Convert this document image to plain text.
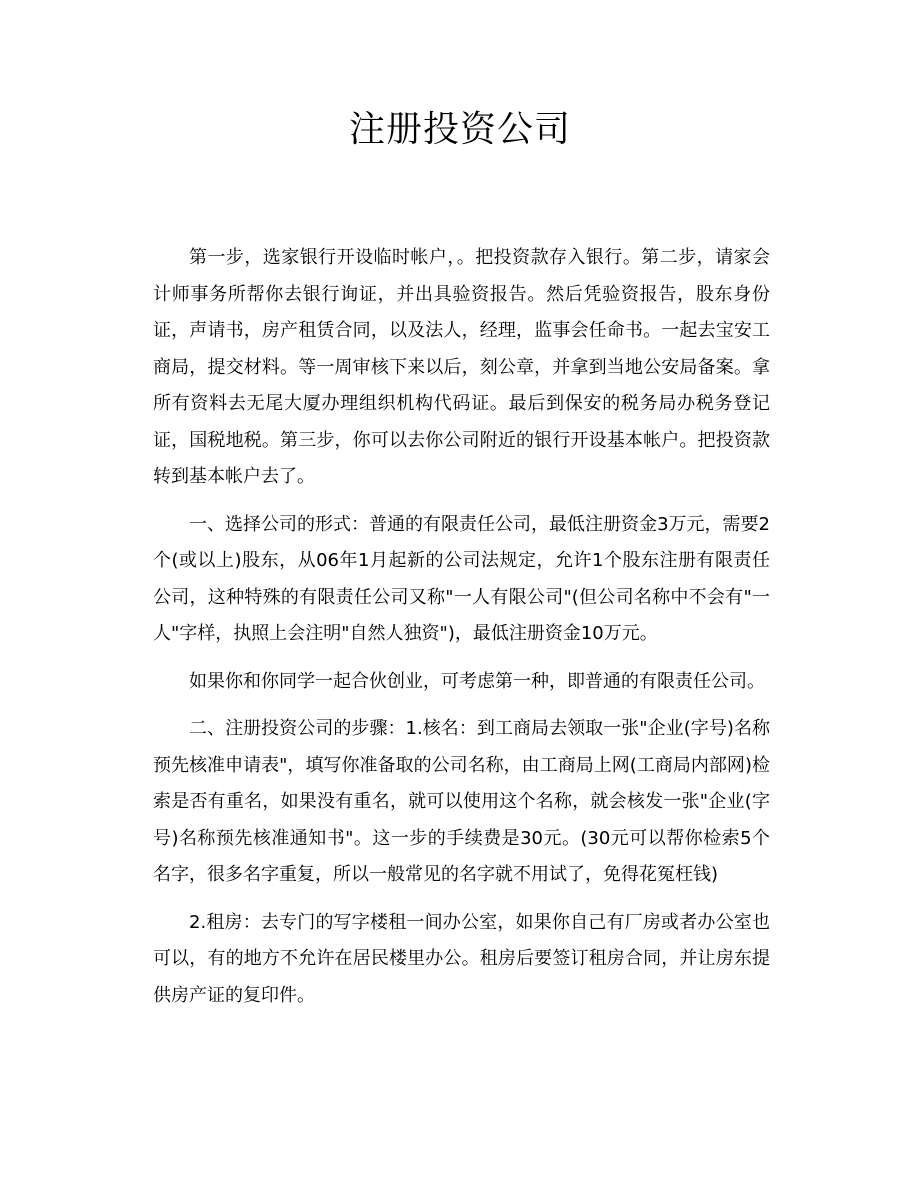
注册投资公司

第一步，选家银行开设临时帐户，。把投资款存入银行。第二步，请家会计师事务所帮你去银行询证，并出具验资报告。然后凭验资报告，股东身份证，声请书，房产租赁合同，以及法人，经理，监事会任命书。一起去宝安工商局，提交材料。等一周审核下来以后，刻公章，并拿到当地公安局备案。拿所有资料去无尾大厦办理组织机构代码证。最后到保安的税务局办税务登记证，国税地税。第三步，你可以去你公司附近的银行开设基本帐户。把投资款转到基本帐户去了。

一、选择公司的形式：普通的有限责任公司，最低注册资金3万元，需要2个(或以上)股东，从06年1月起新的公司法规定，允许1个股东注册有限责任公司，这种特殊的有限责任公司又称"一人有限公司"(但公司名称中不会有"一人"字样，执照上会注明"自然人独资")，最低注册资金10万元。

如果你和你同学一起合伙创业，可考虑第一种，即普通的有限责任公司。

二、注册投资公司的步骤：1.核名：到工商局去领取一张"企业(字号)名称预先核准申请表"，填写你准备取的公司名称，由工商局上网(工商局内部网)检索是否有重名，如果没有重名，就可以使用这个名称，就会核发一张"企业(字号)名称预先核准通知书"。这一步的手续费是30元。(30元可以帮你检索5个名字，很多名字重复，所以一般常见的名字就不用试了，免得花冤枉钱)

2.租房：去专门的写字楼租一间办公室，如果你自己有厂房或者办公室也可以，有的地方不允许在居民楼里办公。租房后要签订租房合同，并让房东提供房产证的复印件。
